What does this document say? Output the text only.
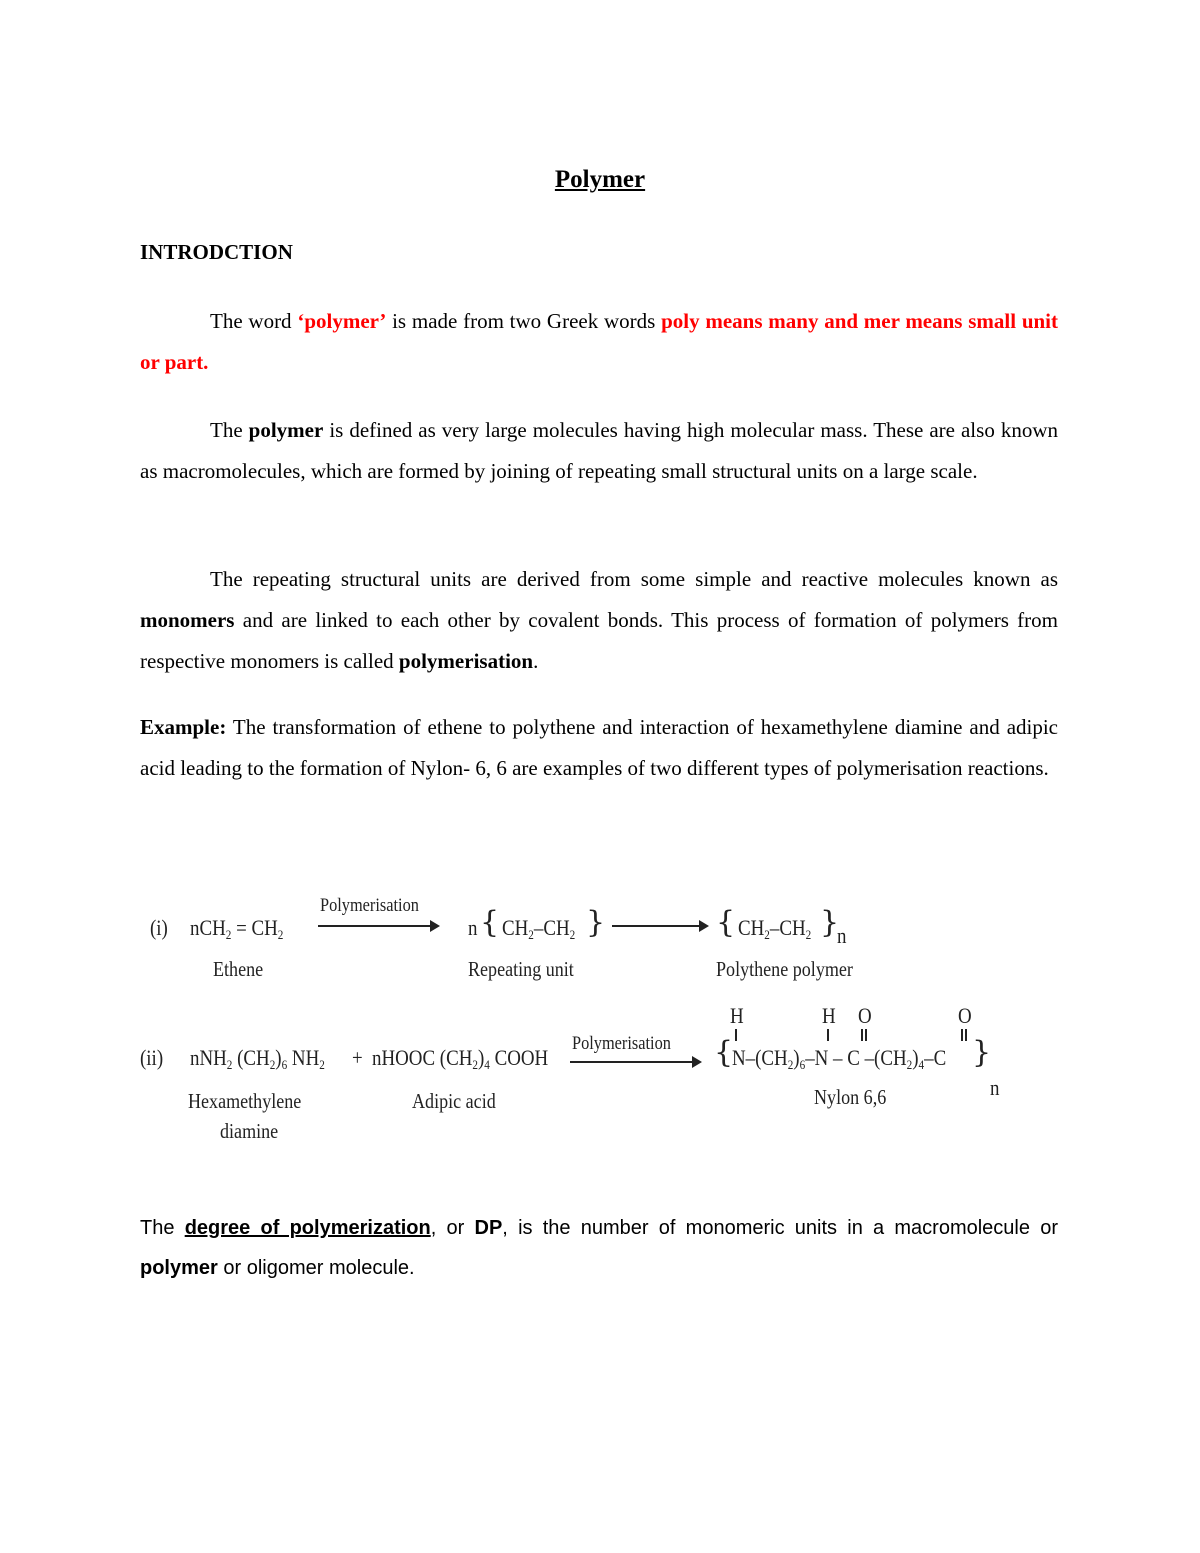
Polymer
INTRODCTION
The word ‘polymer’ is made from two Greek words poly means many and mer means small unit or part.
The polymer is defined as very large molecules having high molecular mass. These are also known as macromolecules, which are formed by joining of repeating small structural units on a large scale.
The repeating structural units are derived from some simple and reactive molecules known as monomers and are linked to each other by covalent bonds. This process of formation of polymers from respective monomers is called polymerisation.
Example: The transformation of ethene to polythene and interaction of hexamethylene diamine and adipic acid leading to the formation of Nylon- 6, 6 are examples of two different types of polymerisation reactions.
(i) $nCH_2 = CH_2$
Polymerisation
n { $CH_2-CH_2$ }	{ $CH_2-CH_2$ }
n
Ethene	Repeating unit	Polythene polymer
H	H O	O
(ii) nNH$_2$ $(CH_2)_6$ $NH_2$ + nHOOC $(CH_2)_4$ COOH
Polymerisation {
$N-(CH_2)_6-N$ – C $-(CH_2)_4-C$ }
n
Hexamethylene
diamine
Adipic acid	Nylon 6,6
The degree of polymerization, or DP, is the number of monomeric units in a macromolecule or polymer or oligomer molecule.
